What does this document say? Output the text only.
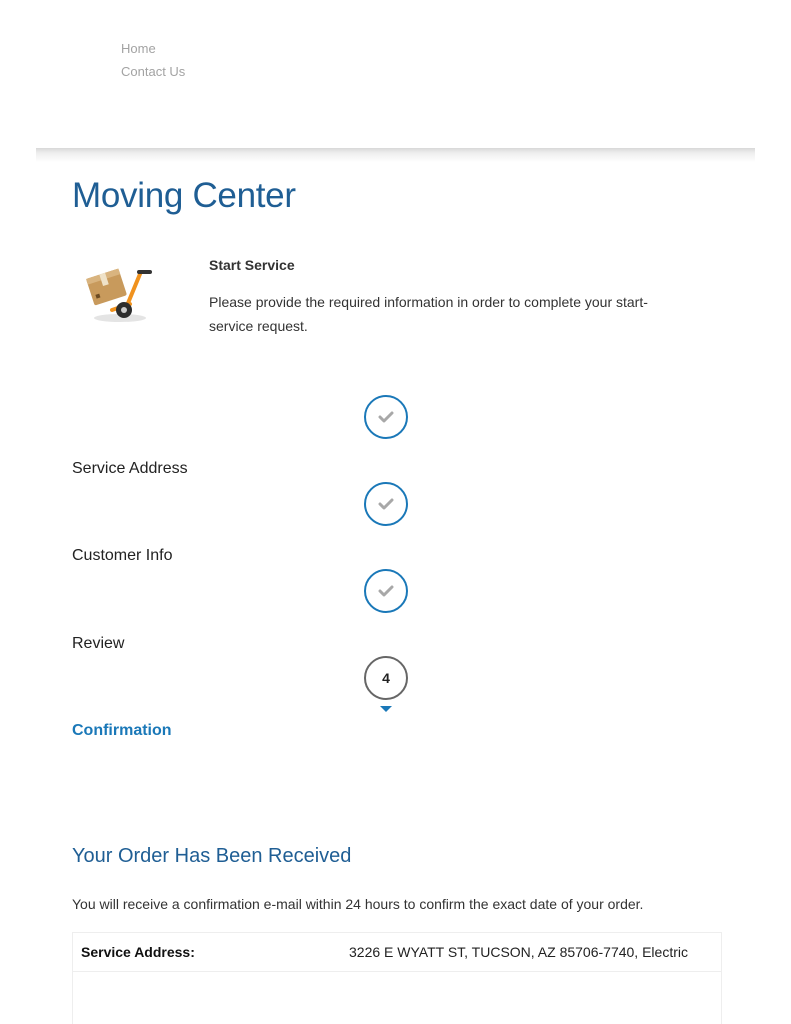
Home
Contact Us
Moving Center
Start Service
Please provide the required information in order to complete your start-service request.
Service Address
Customer Info
Review
4
Confirmation
Your Order Has Been Received
You will receive a confirmation e-mail within 24 hours to confirm the exact date of your order.
Service Address:	3226 E WYATT ST, TUCSON, AZ 85706-7740, Electric
